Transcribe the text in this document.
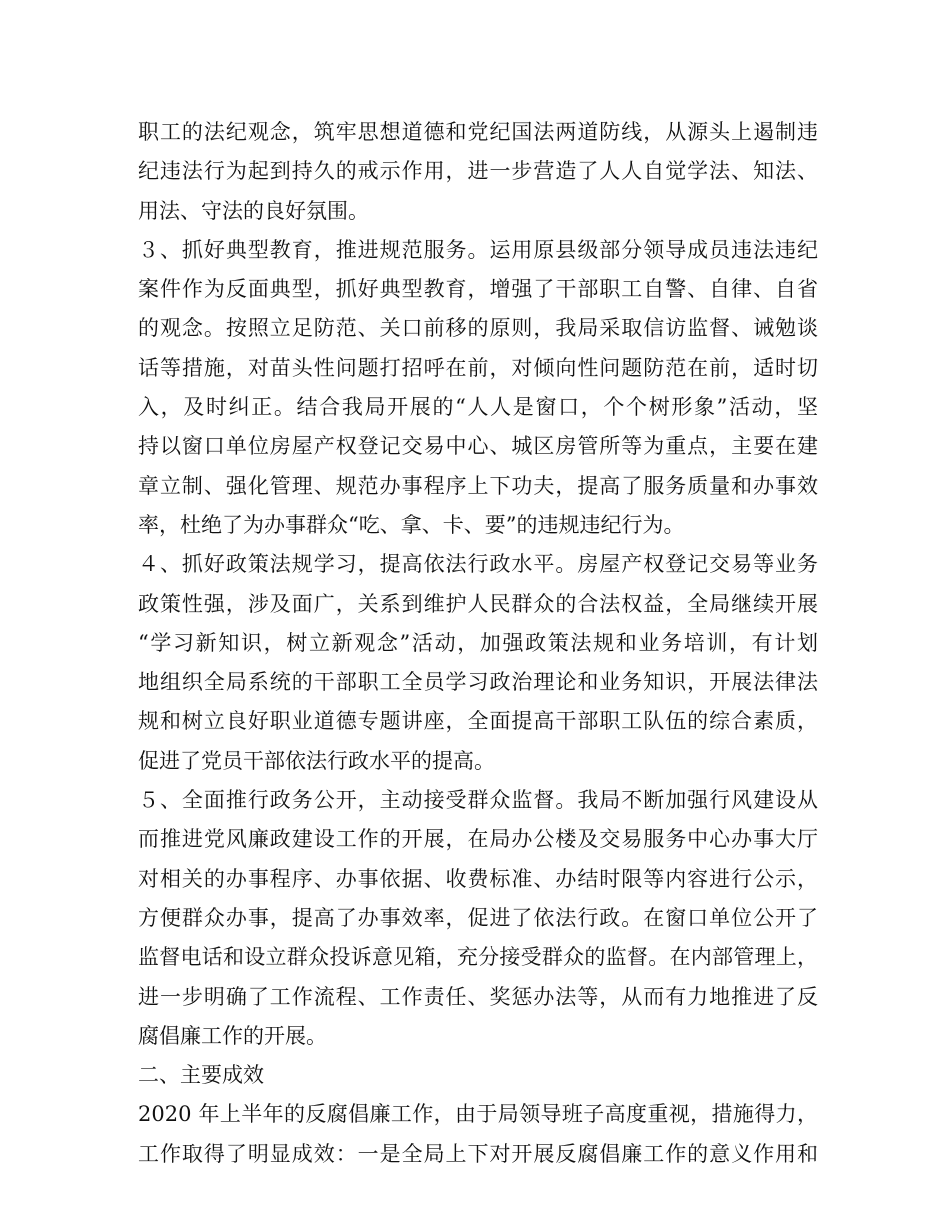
职工的法纪观念，筑牢思想道德和党纪国法两道防线，从源头上遏制违
纪违法行为起到持久的戒示作用，进一步营造了人人自觉学法、知法、
用法、守法的良好氛围。
３、抓好典型教育，推进规范服务。运用原县级部分领导成员违法违纪
案件作为反面典型，抓好典型教育，增强了干部职工自警、自律、自省
的观念。按照立足防范、关口前移的原则，我局采取信访监督、诫勉谈
话等措施，对苗头性问题打招呼在前，对倾向性问题防范在前，适时切
入，及时纠正。结合我局开展的“人人是窗口，个个树形象”活动，坚
持以窗口单位房屋产权登记交易中心、城区房管所等为重点，主要在建
章立制、强化管理、规范办事程序上下功夫，提高了服务质量和办事效
率，杜绝了为办事群众“吃、拿、卡、要”的违规违纪行为。
４、抓好政策法规学习，提高依法行政水平。房屋产权登记交易等业务
政策性强，涉及面广，关系到维护人民群众的合法权益，全局继续开展
“学习新知识，树立新观念”活动，加强政策法规和业务培训，有计划
地组织全局系统的干部职工全员学习政治理论和业务知识，开展法律法
规和树立良好职业道德专题讲座，全面提高干部职工队伍的综合素质，
促进了党员干部依法行政水平的提高。
５、全面推行政务公开，主动接受群众监督。我局不断加强行风建设从
而推进党风廉政建设工作的开展，在局办公楼及交易服务中心办事大厅
对相关的办事程序、办事依据、收费标准、办结时限等内容进行公示，
方便群众办事，提高了办事效率，促进了依法行政。在窗口单位公开了
监督电话和设立群众投诉意见箱，充分接受群众的监督。在内部管理上，
进一步明确了工作流程、工作责任、奖惩办法等，从而有力地推进了反
腐倡廉工作的开展。
二、主要成效
2020 年上半年的反腐倡廉工作，由于局领导班子高度重视，措施得力，
工作取得了明显成效：一是全局上下对开展反腐倡廉工作的意义作用和
